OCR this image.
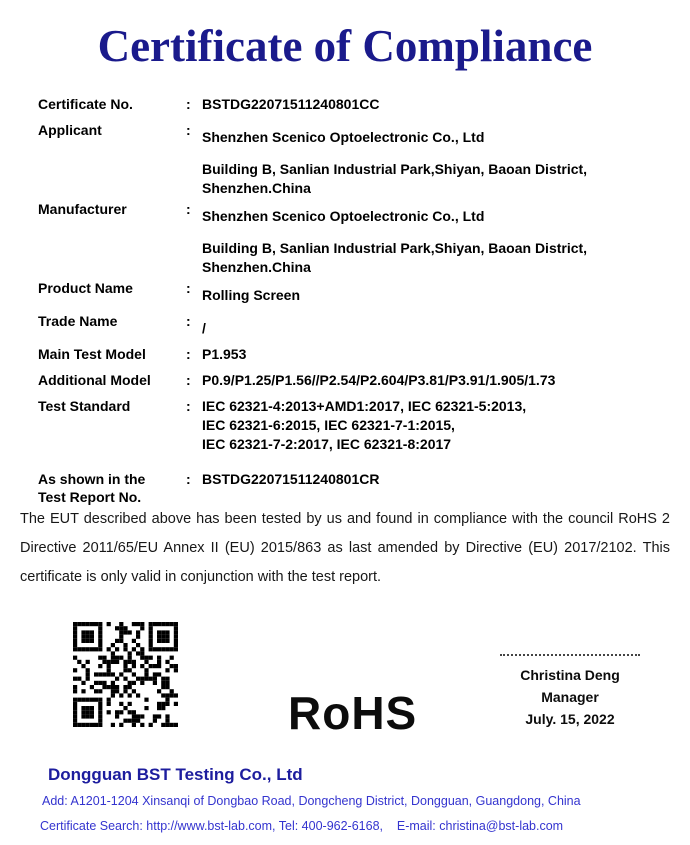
Certificate of Compliance
Certificate No.	: BSTDG22071511240801CC
Applicant	: Shenzhen Scenico Optoelectronic Co., Ltd
Building B, Sanlian Industrial Park,Shiyan, Baoan District,
Shenzhen.China
Manufacturer	: Shenzhen Scenico Optoelectronic Co., Ltd
Building B, Sanlian Industrial Park,Shiyan, Baoan District,
Shenzhen.China
Product Name	: Rolling Screen
Trade Name	: /
Main Test Model	: P1.953
Additional Model	: P0.9/P1.25/P1.56//P2.54/P2.604/P3.81/P3.91/1.905/1.73
Test Standard	: IEC 62321-4:2013+AMD1:2017, IEC 62321-5:2013,
IEC 62321-6:2015, IEC 62321-7-1:2015,
IEC 62321-7-2:2017, IEC 62321-8:2017
As shown in the
Test Report No.
: BSTDG22071511240801CR

The EUT described above has been tested by us and found in compliance with the council RoHS 2 Directive 2011/65/EU Annex II (EU) 2015/863 as last amended by Directive (EU) 2017/2102. This certificate is only valid in conjunction with the test report.

RoHS

Christina Deng
Manager
July. 15, 2022
Dongguan BST Testing Co., Ltd
Add: A1201-1204 Xinsanqi of Dongbao Road, Dongcheng District, Dongguan, Guangdong, China
Certificate Search: http://www.bst-lab.com, Tel: 400-962-6168,    E-mail: christina@bst-lab.com
